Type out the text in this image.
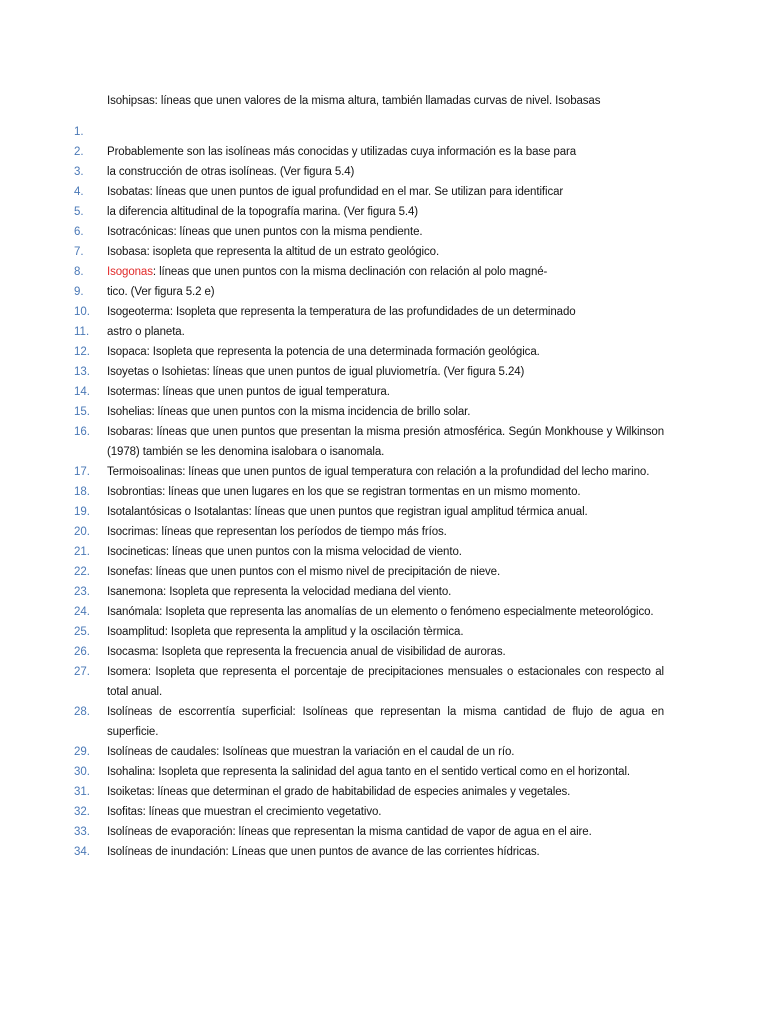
Isohipsas: líneas que unen valores de la misma altura, también llamadas curvas de nivel. Isobasas
1.

2.	Probablemente son las isolíneas más conocidas y utilizadas cuya información es la base para
3.	la construcción de otras isolíneas. (Ver figura 5.4)
4.	Isobatas: líneas que unen puntos de igual profundidad en el mar. Se utilizan para identificar
5.	la diferencia altitudinal de la topografía marina. (Ver figura 5.4)
6.	Isotracónicas: líneas que unen puntos con la misma pendiente.
7.	Isobasa: isopleta que representa la altitud de un estrato geológico.
8.	Isogonas: líneas que unen puntos con la misma declinación con relación al polo magné-
9.	tico. (Ver figura 5.2 e)
10.	Isogeoterma: Isopleta que representa la temperatura de las profundidades de un determinado
11.	astro o planeta.
12.	Isopaca: Isopleta que representa la potencia de una determinada formación geológica.
13.	Isoyetas o Isohietas: líneas que unen puntos de igual pluviometría. (Ver figura 5.24)
14.	Isotermas: líneas que unen puntos de igual temperatura.
15.	Isohelias: líneas que unen puntos con la misma incidencia de brillo solar.
16.	Isobaras: líneas que unen puntos que presentan la misma presión atmosférica. Según Monkhouse y Wilkinson (1978) también se les denomina isalobara o isanomala.
17.	Termoisoalinas: líneas que unen puntos de igual temperatura con relación a la profundidad del lecho marino.
18.	Isobrontias: líneas que unen lugares en los que se registran tormentas en un mismo momento.
19.	Isotalantósicas o Isotalantas: líneas que unen puntos que registran igual amplitud térmica anual.
20.	Isocrimas: líneas que representan los períodos de tiempo más fríos.
21.	Isocineticas: líneas que unen puntos con la misma velocidad de viento.
22.	Isonefas: líneas que unen puntos con el mismo nivel de precipitación de nieve.
23.	Isanemona: Isopleta que representa la velocidad mediana del viento.
24.	Isanómala: Isopleta que representa las anomalías de un elemento o fenómeno especialmente meteorológico.
25.	Isoamplitud: Isopleta que representa la amplitud y la oscilación tèrmica.
26.	Isocasma: Isopleta que representa la frecuencia anual de visibilidad de auroras.
27.	Isomera: Isopleta que representa el porcentaje de precipitaciones mensuales o estacionales con respecto al total anual.
28.	Isolíneas de escorrentía superficial: Isolíneas que representan la misma cantidad de flujo de agua en superficie.
29.	Isolíneas de caudales: Isolíneas que muestran la variación en el caudal de un río.
30.	Isohalina: Isopleta que representa la salinidad del agua tanto en el sentido vertical como en el horizontal.
31.	Isoiketas: líneas que determinan el grado de habitabilidad de especies animales y vegetales.
32.	Isofitas: líneas que muestran el crecimiento vegetativo.
33.	Isolíneas de evaporación: líneas que representan la misma cantidad de vapor de agua en el aire.
34.	Isolíneas de inundación: Líneas que unen puntos de avance de las corrientes hídricas.
